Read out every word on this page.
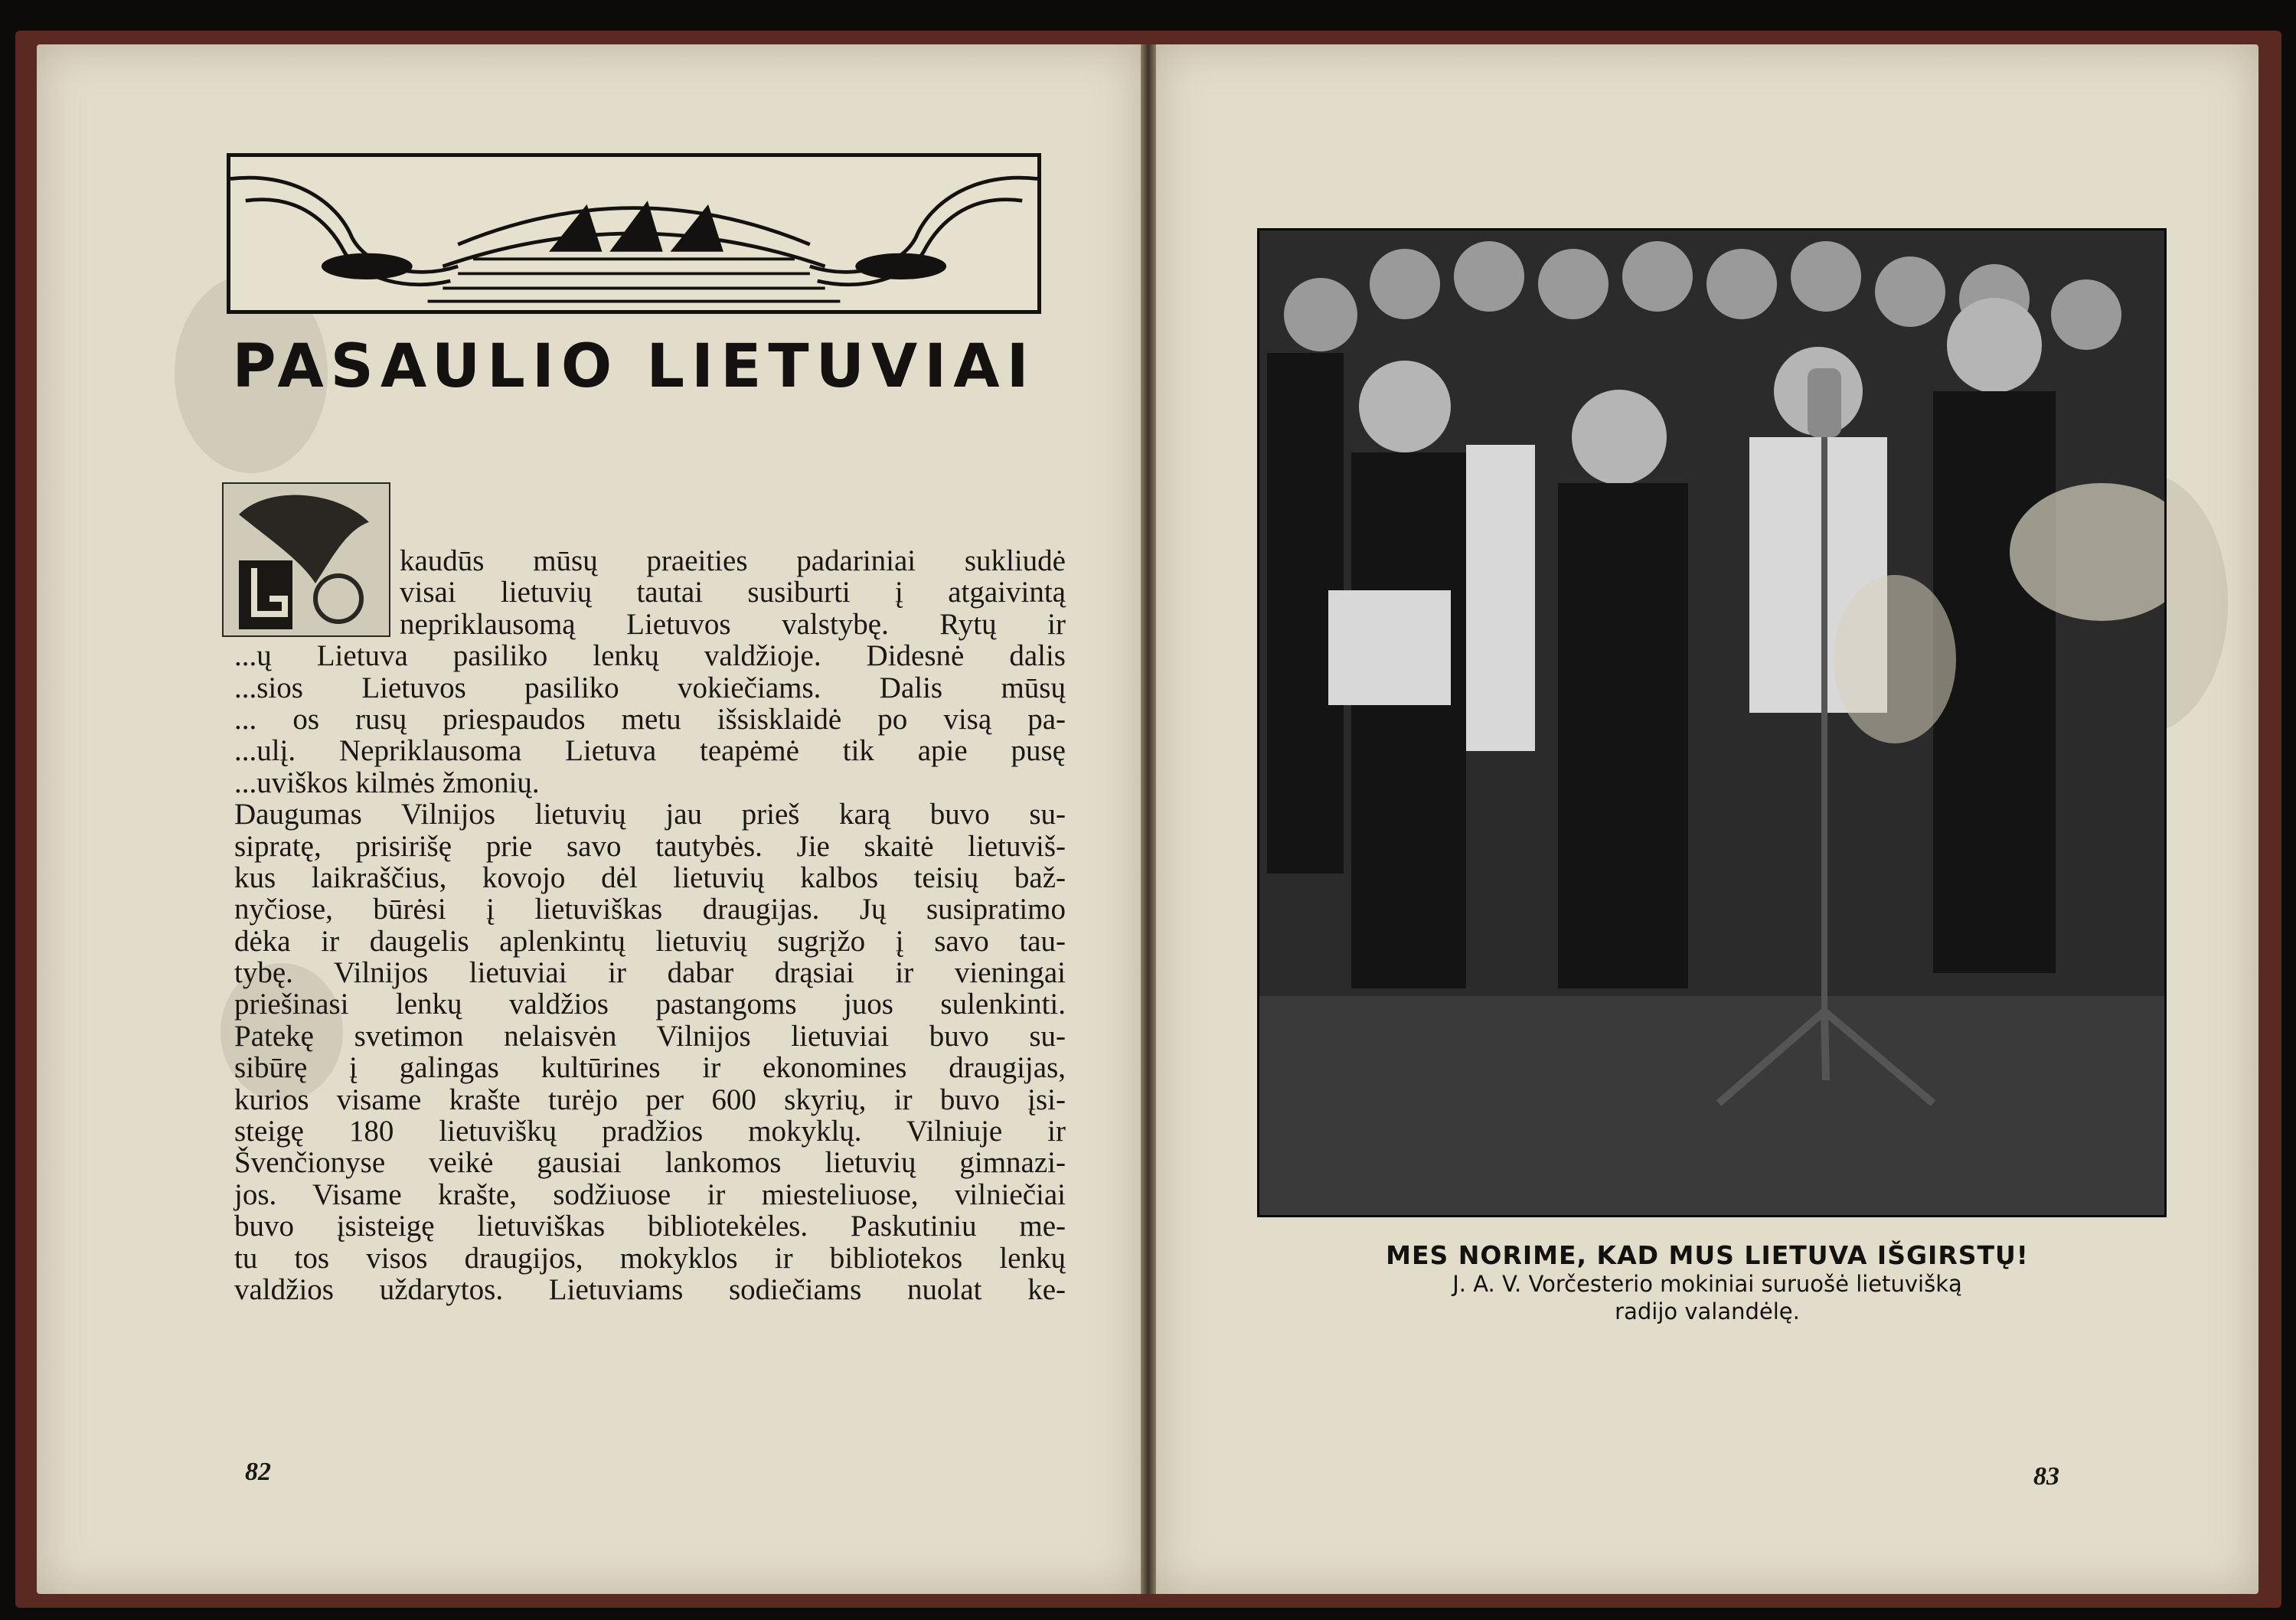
PASAULIO LIETUVIAI
kaudūs mūsų praeities padariniai sukliudė
visai lietuvių tautai susiburti į atgaivintą
nepriklausomą Lietuvos valstybę. Rytų ir
...ų Lietuva pasiliko lenkų valdžioje. Didesnė dalis
...sios Lietuvos pasiliko vokiečiams. Dalis mūsų
... os rusų priespaudos metu išsisklaidė po visą pa-
...ulį. Nepriklausoma Lietuva teapėmė tik apie pusę
...uviškos kilmės žmonių.
Daugumas Vilnijos lietuvių jau prieš karą buvo su-
sipratę, prisirišę prie savo tautybės. Jie skaitė lietuviš-
kus laikraščius, kovojo dėl lietuvių kalbos teisių baž-
nyčiose, būrėsi į lietuviškas draugijas. Jų susipratimo
dėka ir daugelis aplenkintų lietuvių sugrįžo į savo tau-
tybę. Vilnijos lietuviai ir dabar drąsiai ir vieningai
priešinasi lenkų valdžios pastangoms juos sulenkinti.
Patekę svetimon nelaisvėn Vilnijos lietuviai buvo su-
sibūrę į galingas kultūrines ir ekonomines draugijas,
kurios visame krašte turėjo per 600 skyrių, ir buvo įsi-
steigę 180 lietuviškų pradžios mokyklų. Vilniuje ir
Švenčionyse veikė gausiai lankomos lietuvių gimnazi-
jos. Visame krašte, sodžiuose ir miesteliuose, vilniečiai
buvo įsisteigę lietuviškas bibliotekėles. Paskutiniu me-
tu tos visos draugijos, mokyklos ir bibliotekos lenkų
valdžios uždarytos. Lietuviams sodiečiams nuolat ke-
82
MES NORIME, KAD MUS LIETUVA IŠGIRSTŲ!
J. A. V. Vorčesterio mokiniai suruošė lietuvišką
radijo valandėlę.
83
